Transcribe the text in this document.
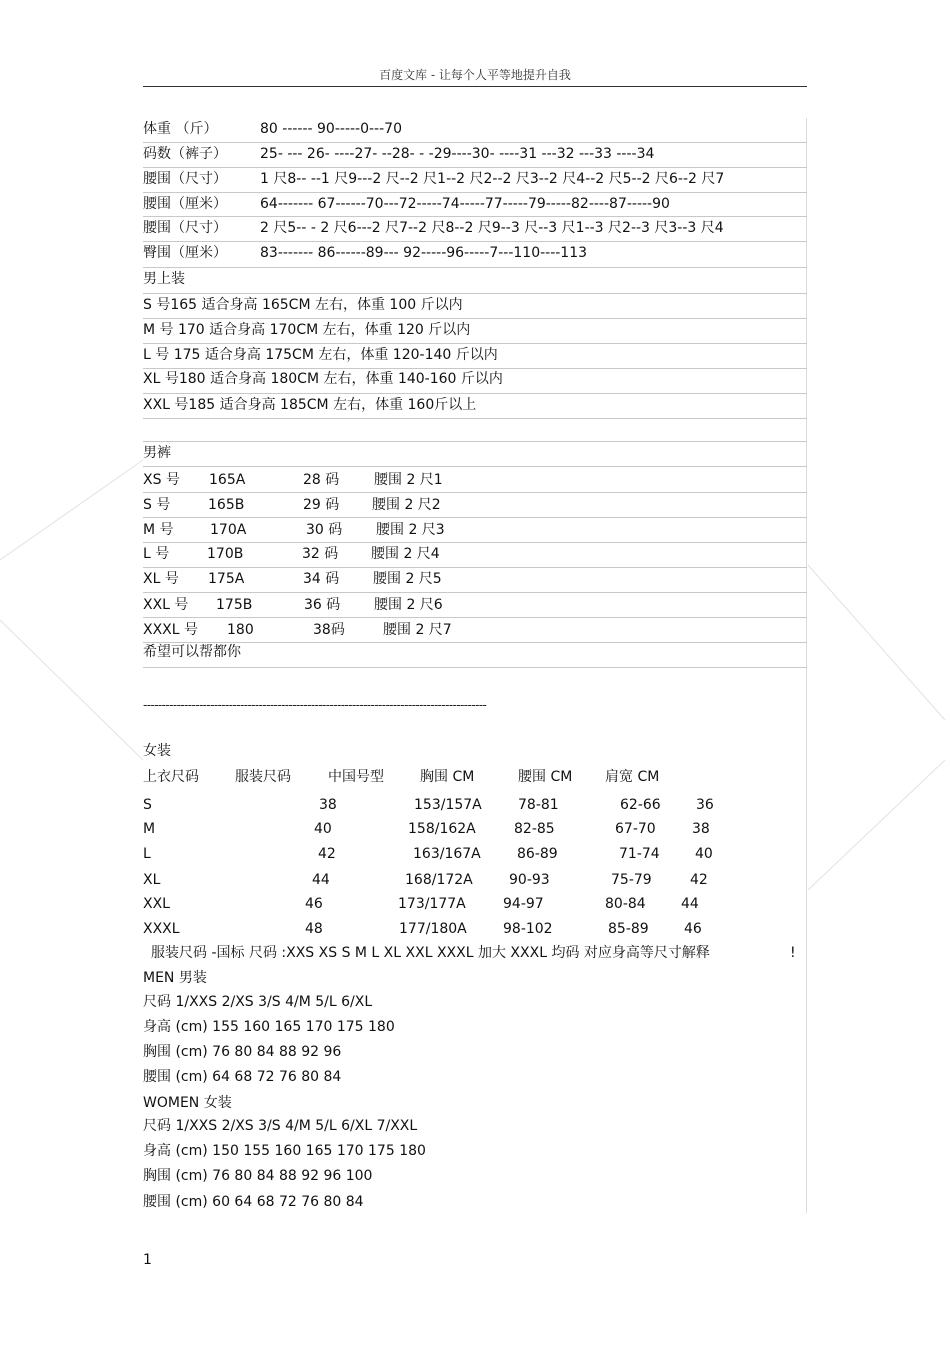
百度文库 - 让每个人平等地提升自我
体重 （斤）	80 ------ 90-----0---70
码数（裤子） 25- --- 26- ----27- --28- - -29----30- ----31 ---32 ---33 ----34
腰围（尺寸） 1 尺8-- --1 尺9---2 尺--2 尺1--2 尺2--2 尺3--2 尺4--2 尺5--2 尺6--2 尺7
腰围（厘米） 64------- 67------70---72-----74-----77-----79-----82----87-----90
腰围（尺寸） 2 尺5-- - 2 尺6---2 尺7--2 尺8--2 尺9--3 尺--3 尺1--3 尺2--3 尺3--3 尺4
臀围（厘米） 83------- 86------89--- 92-----96-----7---110----113
男上装
S 号165 适合身高 165CM 左右，体重 100 斤以内
M 号 170 适合身高 170CM 左右，体重 120 斤以内
L 号 175 适合身高 175CM 左右，体重 120-140 斤以内
XL 号180 适合身高 180CM 左右，体重 140-160 斤以内
XXL 号185 适合身高 185CM 左右，体重 160斤以上
男裤
XS 号 165A	28 码 腰围 2 尺1
S 号	165B	29 码 腰围 2 尺2
M 号	170A	30 码 腰围 2 尺3
L 号	170B	32 码 腰围 2 尺4
XL 号 175A	34 码 腰围 2 尺5
XXL 号 175B	36 码 腰围 2 尺6
XXXL 号 180	38码	腰围 2 尺7
希望可以帮都你
--------------------------------------------------------------------------------------------
女装
上衣尺码	服装尺码	中国号型	胸围 CM	腰围 CM 肩宽 CM
S	38	153/157A	78-81	62-66	36
M	40	158/162A	82-85	67-70	38
L	42	163/167A	86-89	71-74	40
XL	44	168/172A	90-93	75-79	42
XXL	46	173/177A	94-97	80-84	44
XXXL	48	177/180A	98-102	85-89	46
服装尺码 -国标 尺码 :XXS XS S M L XL XXL XXXL 加大 XXXL 均码 对应身高等尺寸解释	!
MEN 男装
尺码 1/XXS 2/XS 3/S 4/M 5/L 6/XL
身高 (cm) 155 160 165 170 175 180
胸围 (cm) 76 80 84 88 92 96
腰围 (cm) 64 68 72 76 80 84
WOMEN 女装
尺码 1/XXS 2/XS 3/S 4/M 5/L 6/XL 7/XXL
身高 (cm) 150 155 160 165 170 175 180
胸围 (cm) 76 80 84 88 92 96 100
腰围 (cm) 60 64 68 72 76 80 84
1
